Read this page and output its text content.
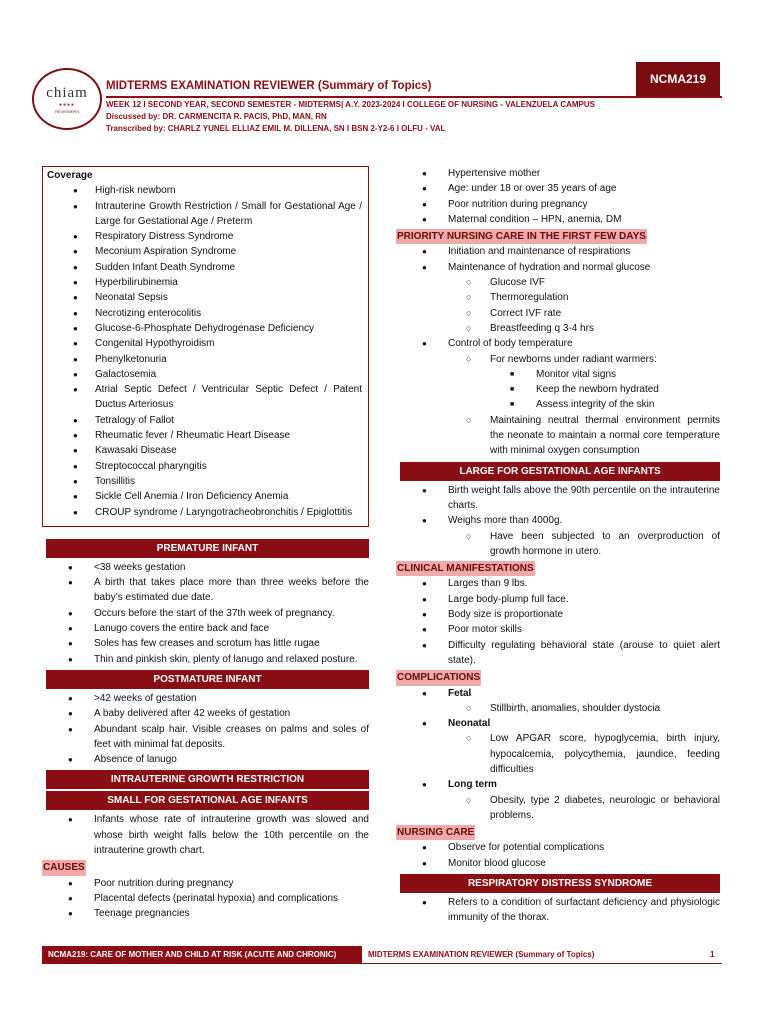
chiam
●●●●
REVIEWERS
MIDTERMS EXAMINATION REVIEWER (Summary of Topics)
WEEK 12 I SECOND YEAR, SECOND SEMESTER - MIDTERMS| A.Y. 2023-2024 I COLLEGE OF NURSING - VALENZUELA CAMPUS
Discussed by: DR. CARMENCITA R. PACIS, PhD, MAN, RN
Transcribed by: CHARLZ YUNEL ELLIAZ EMIL M. DILLENA, SN I BSN 2-Y2-6 I OLFU - VAL
NCMA219
Coverage
● High-risk newborn
● Intrauterine Growth Restriction / Small for Gestational Age / Large for Gestational Age / Preterm
● Respiratory Distress Syndrome
● Meconium Aspiration Syndrome
● Sudden Infant Death Syndrome
● Hyperbilirubinemia
● Neonatal Sepsis
● Necrotizing enterocolitis
● Glucose-6-Phosphate Dehydrogenase Deficiency
● Congenital Hypothyroidism
● Phenylketonuria
● Galactosemia
● Atrial Septic Defect / Ventricular Septic Defect / Patent Ductus Arteriosus
● Tetralogy of Fallot
● Rheumatic fever / Rheumatic Heart Disease
● Kawasaki Disease
● Streptococcal pharyngitis
● Tonsillitis
● Sickle Cell Anemia / Iron Deficiency Anemia
● CROUP syndrome / Laryngotracheobronchitis / Epiglottitis
PREMATURE INFANT
● <38 weeks gestation
● A birth that takes place more than three weeks before the baby’s estimated due date.
● Occurs before the start of the 37th week of pregnancy.
● Lanugo covers the entire back and face
● Soles has few creases and scrotum has little rugae
● Thin and pinkish skin, plenty of lanugo and relaxed posture.
POSTMATURE INFANT
● >42 weeks of gestation
● A baby delivered after 42 weeks of gestation
● Abundant scalp hair. Visible creases on palms and soles of feet with minimal fat deposits.
● Absence of lanugo
INTRAUTERINE GROWTH RESTRICTION
SMALL FOR GESTATIONAL AGE INFANTS
● Infants whose rate of intrauterine growth was slowed and whose birth weight falls below the 10th percentile on the intrauterine growth chart.
CAUSES
● Poor nutrition during pregnancy
● Placental defects (perinatal hypoxia) and complications
● Teenage pregnancies
● Hypertensive mother
● Age: under 18 or over 35 years of age
● Poor nutrition during pregnancy
● Maternal condition – HPN, anemia, DM
PRIORITY NURSING CARE IN THE FIRST FEW DAYS
● Initiation and maintenance of respirations
● Maintenance of hydration and normal glucose
○ Glucose IVF
○ Thermoregulation
○ Correct IVF rate
○ Breastfeeding q 3-4 hrs
● Control of body temperature
○ For newborns under radiant warmers:
■ Monitor vital signs
■ Keep the newborn hydrated
■ Assess integrity of the skin
○ Maintaining neutral thermal environment permits the neonate to maintain a normal core temperature with minimal oxygen consumption
LARGE FOR GESTATIONAL AGE INFANTS
● Birth weight falls above the 90th percentile on the intrauterine charts.
● Weighs more than 4000g.
○ Have been subjected to an overproduction of growth hormone in utero.
CLINICAL MANIFESTATIONS
● Larges than 9 lbs.
● Large body-plump full face.
● Body size is proportionate
● Poor motor skills
● Difficulty regulating behavioral state (arouse to quiet alert state).
COMPLICATIONS
● Fetal
○ Stillbirth, anomalies, shoulder dystocia
● Neonatal
○ Low APGAR score, hypoglycemia, birth injury, hypocalcemia, polycythemia, jaundice, feeding difficulties
● Long term
○ Obesity, type 2 diabetes, neurologic or behavioral problems.
NURSING CARE
● Observe for potential complications
● Monitor blood glucose
RESPIRATORY DISTRESS SYNDROME
● Refers to a condition of surfactant deficiency and physiologic immunity of the thorax.
NCMA219: CARE OF MOTHER AND CHILD AT RISK (ACUTE AND CHRONIC)	MIDTERMS EXAMINATION REVIEWER (Summary of Topics)	1
